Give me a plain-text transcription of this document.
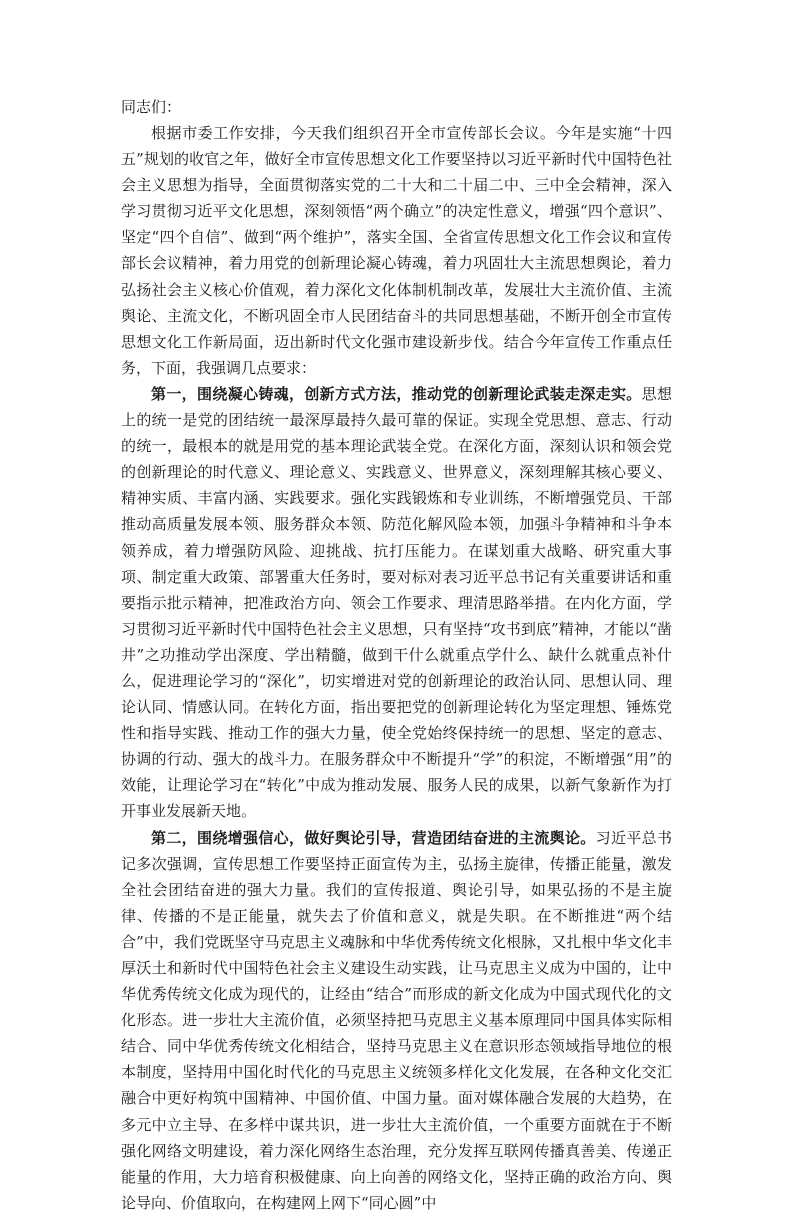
同志们：

根据市委工作安排，今天我们组织召开全市宣传部长会议。今年是实施“十四五”规划的收官之年，做好全市宣传思想文化工作要坚持以习近平新时代中国特色社会主义思想为指导，全面贯彻落实党的二十大和二十届二中、三中全会精神，深入学习贯彻习近平文化思想，深刻领悟“两个确立”的决定性意义，增强“四个意识”、坚定“四个自信”、做到“两个维护”，落实全国、全省宣传思想文化工作会议和宣传部长会议精神，着力用党的创新理论凝心铸魂，着力巩固壮大主流思想舆论，着力弘扬社会主义核心价值观，着力深化文化体制机制改革，发展壮大主流价值、主流舆论、主流文化，不断巩固全市人民团结奋斗的共同思想基础，不断开创全市宣传思想文化工作新局面，迈出新时代文化强市建设新步伐。结合今年宣传工作重点任务，下面，我强调几点要求：

第一，围绕凝心铸魂，创新方式方法，推动党的创新理论武装走深走实。思想上的统一是党的团结统一最深厚最持久最可靠的保证。实现全党思想、意志、行动的统一，最根本的就是用党的基本理论武装全党。在深化方面，深刻认识和领会党的创新理论的时代意义、理论意义、实践意义、世界意义，深刻理解其核心要义、精神实质、丰富内涵、实践要求。强化实践锻炼和专业训练，不断增强党员、干部推动高质量发展本领、服务群众本领、防范化解风险本领，加强斗争精神和斗争本领养成，着力增强防风险、迎挑战、抗打压能力。在谋划重大战略、研究重大事项、制定重大政策、部署重大任务时，要对标对表习近平总书记有关重要讲话和重要指示批示精神，把准政治方向、领会工作要求、理清思路举措。在内化方面，学习贯彻习近平新时代中国特色社会主义思想，只有坚持“攻书到底”精神，才能以“凿井”之功推动学出深度、学出精髓，做到干什么就重点学什么、缺什么就重点补什么，促进理论学习的“深化”，切实增进对党的创新理论的政治认同、思想认同、理论认同、情感认同。在转化方面，指出要把党的创新理论转化为坚定理想、锤炼党性和指导实践、推动工作的强大力量，使全党始终保持统一的思想、坚定的意志、协调的行动、强大的战斗力。在服务群众中不断提升“学”的积淀，不断增强“用”的效能，让理论学习在“转化”中成为推动发展、服务人民的成果，以新气象新作为打开事业发展新天地。

第二，围绕增强信心，做好舆论引导，营造团结奋进的主流舆论。习近平总书记多次强调，宣传思想工作要坚持正面宣传为主，弘扬主旋律，传播正能量，激发全社会团结奋进的强大力量。我们的宣传报道、舆论引导，如果弘扬的不是主旋律、传播的不是正能量，就失去了价值和意义，就是失职。在不断推进“两个结合”中，我们党既坚守马克思主义魂脉和中华优秀传统文化根脉，又扎根中华文化丰厚沃土和新时代中国特色社会主义建设生动实践，让马克思主义成为中国的，让中华优秀传统文化成为现代的，让经由“结合”而形成的新文化成为中国式现代化的文化形态。进一步壮大主流价值，必须坚持把马克思主义基本原理同中国具体实际相结合、同中华优秀传统文化相结合，坚持马克思主义在意识形态领域指导地位的根本制度，坚持用中国化时代化的马克思主义统领多样化文化发展，在各种文化交汇融合中更好构筑中国精神、中国价值、中国力量。面对媒体融合发展的大趋势，在多元中立主导、在多样中谋共识，进一步壮大主流价值，一个重要方面就在于不断强化网络文明建设，着力深化网络生态治理，充分发挥互联网传播真善美、传递正能量的作用，大力培育积极健康、向上向善的网络文化，坚持正确的政治方向、舆论导向、价值取向，在构建网上网下“同心圆”中
